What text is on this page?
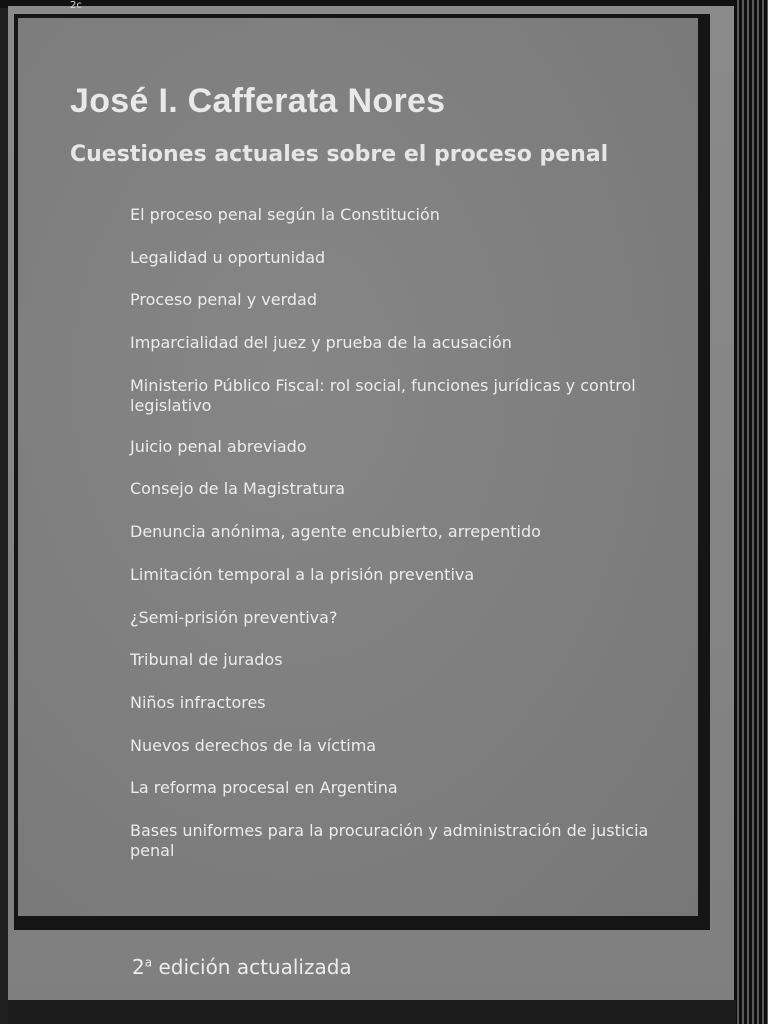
2c
José I. Cafferata Nores
Cuestiones actuales sobre el proceso penal
El proceso penal según la Constitución
Legalidad u oportunidad
Proceso penal y verdad
Imparcialidad del juez y prueba de la acusación
Ministerio Público Fiscal: rol social, funciones jurídicas y control legislativo
Juicio penal abreviado
Consejo de la Magistratura
Denuncia anónima, agente encubierto, arrepentido
Limitación temporal a la prisión preventiva
¿Semi-prisión preventiva?
Tribunal de jurados
Niños infractores
Nuevos derechos de la víctima
La reforma procesal en Argentina
Bases uniformes para la procuración y administración de justicia penal

2$^a$ edición actualizada
